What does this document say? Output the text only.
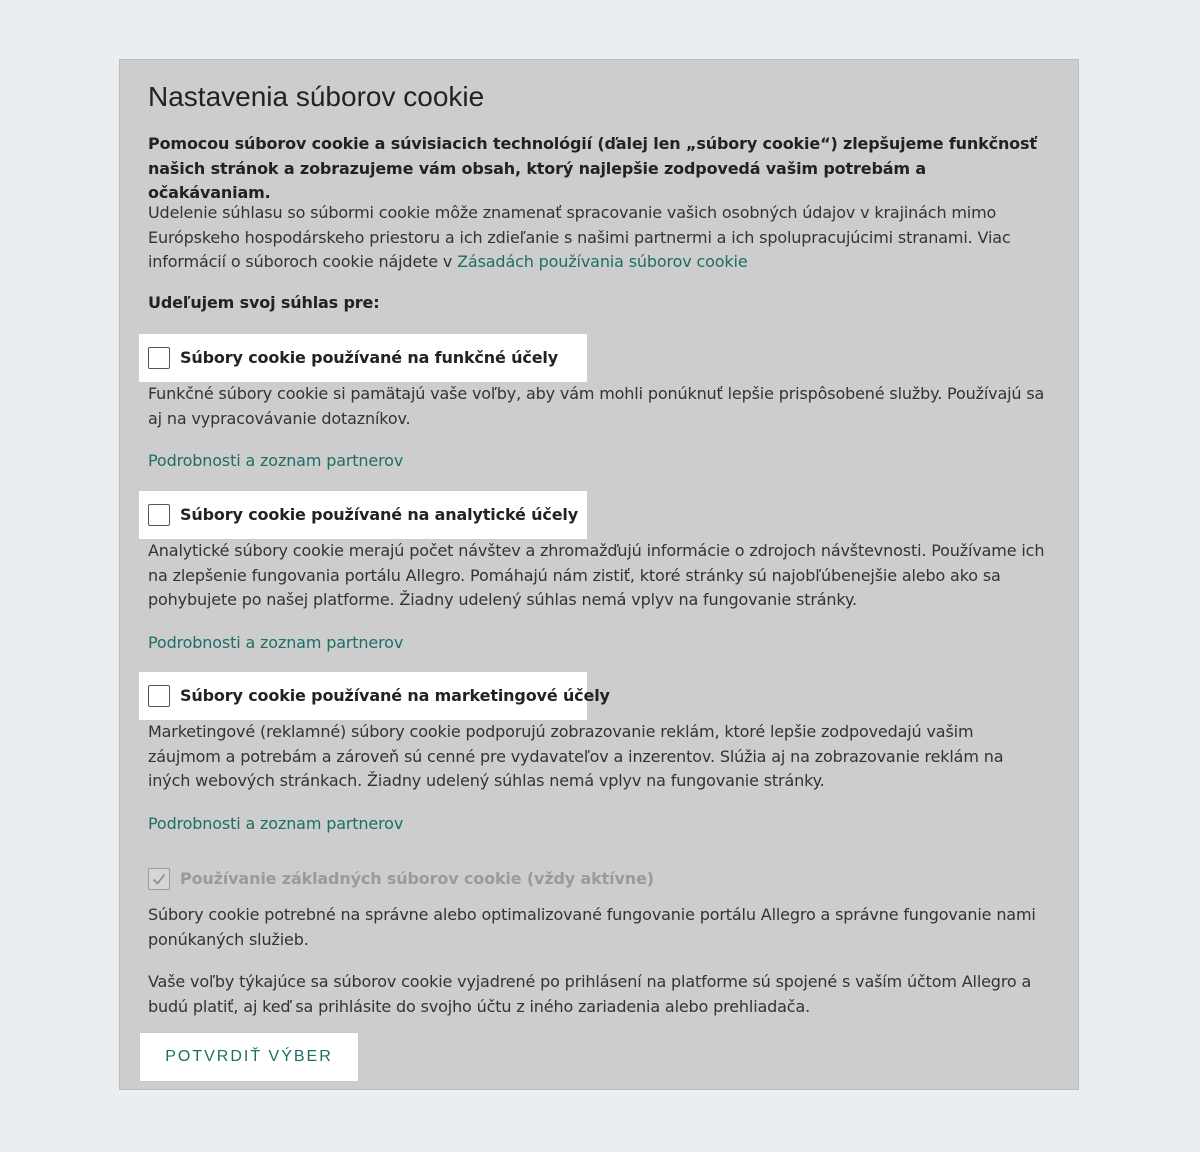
Nastavenia súborov cookie

Pomocou súborov cookie a súvisiacich technológií (ďalej len „súbory cookie“) zlepšujeme funkčnosť našich stránok a zobrazujeme vám obsah, ktorý najlepšie zodpovedá vašim potrebám a očakávaniam.

Udelenie súhlasu so súbormi cookie môže znamenať spracovanie vašich osobných údajov v krajinách mimo Európskeho hospodárskeho priestoru a ich zdieľanie s našimi partnermi a ich spolupracujúcimi stranami. Viac informácií o súboroch cookie nájdete v Zásadách používania súborov cookie

Udeľujem svoj súhlas pre:

Súbory cookie používané na funkčné účely

Funkčné súbory cookie si pamätajú vaše voľby, aby vám mohli ponúknuť lepšie prispôsobené služby. Používajú sa aj na vypracovávanie dotazníkov.

Podrobnosti a zoznam partnerov

Súbory cookie používané na analytické účely

Analytické súbory cookie merajú počet návštev a zhromažďujú informácie o zdrojoch návštevnosti. Používame ich na zlepšenie fungovania portálu Allegro. Pomáhajú nám zistiť, ktoré stránky sú najobľúbenejšie alebo ako sa pohybujete po našej platforme. Žiadny udelený súhlas nemá vplyv na fungovanie stránky.

Podrobnosti a zoznam partnerov

Súbory cookie používané na marketingové účely

Marketingové (reklamné) súbory cookie podporujú zobrazovanie reklám, ktoré lepšie zodpovedajú vašim záujmom a potrebám a zároveň sú cenné pre vydavateľov a inzerentov. Slúžia aj na zobrazovanie reklám na iných webových stránkach. Žiadny udelený súhlas nemá vplyv na fungovanie stránky.

Podrobnosti a zoznam partnerov

Používanie základných súborov cookie (vždy aktívne)

Súbory cookie potrebné na správne alebo optimalizované fungovanie portálu Allegro a správne fungovanie nami ponúkaných služieb.

Vaše voľby týkajúce sa súborov cookie vyjadrené po prihlásení na platforme sú spojené s vaším účtom Allegro a budú platiť, aj keď sa prihlásite do svojho účtu z iného zariadenia alebo prehliadača.

POTVRDIŤ VÝBER
